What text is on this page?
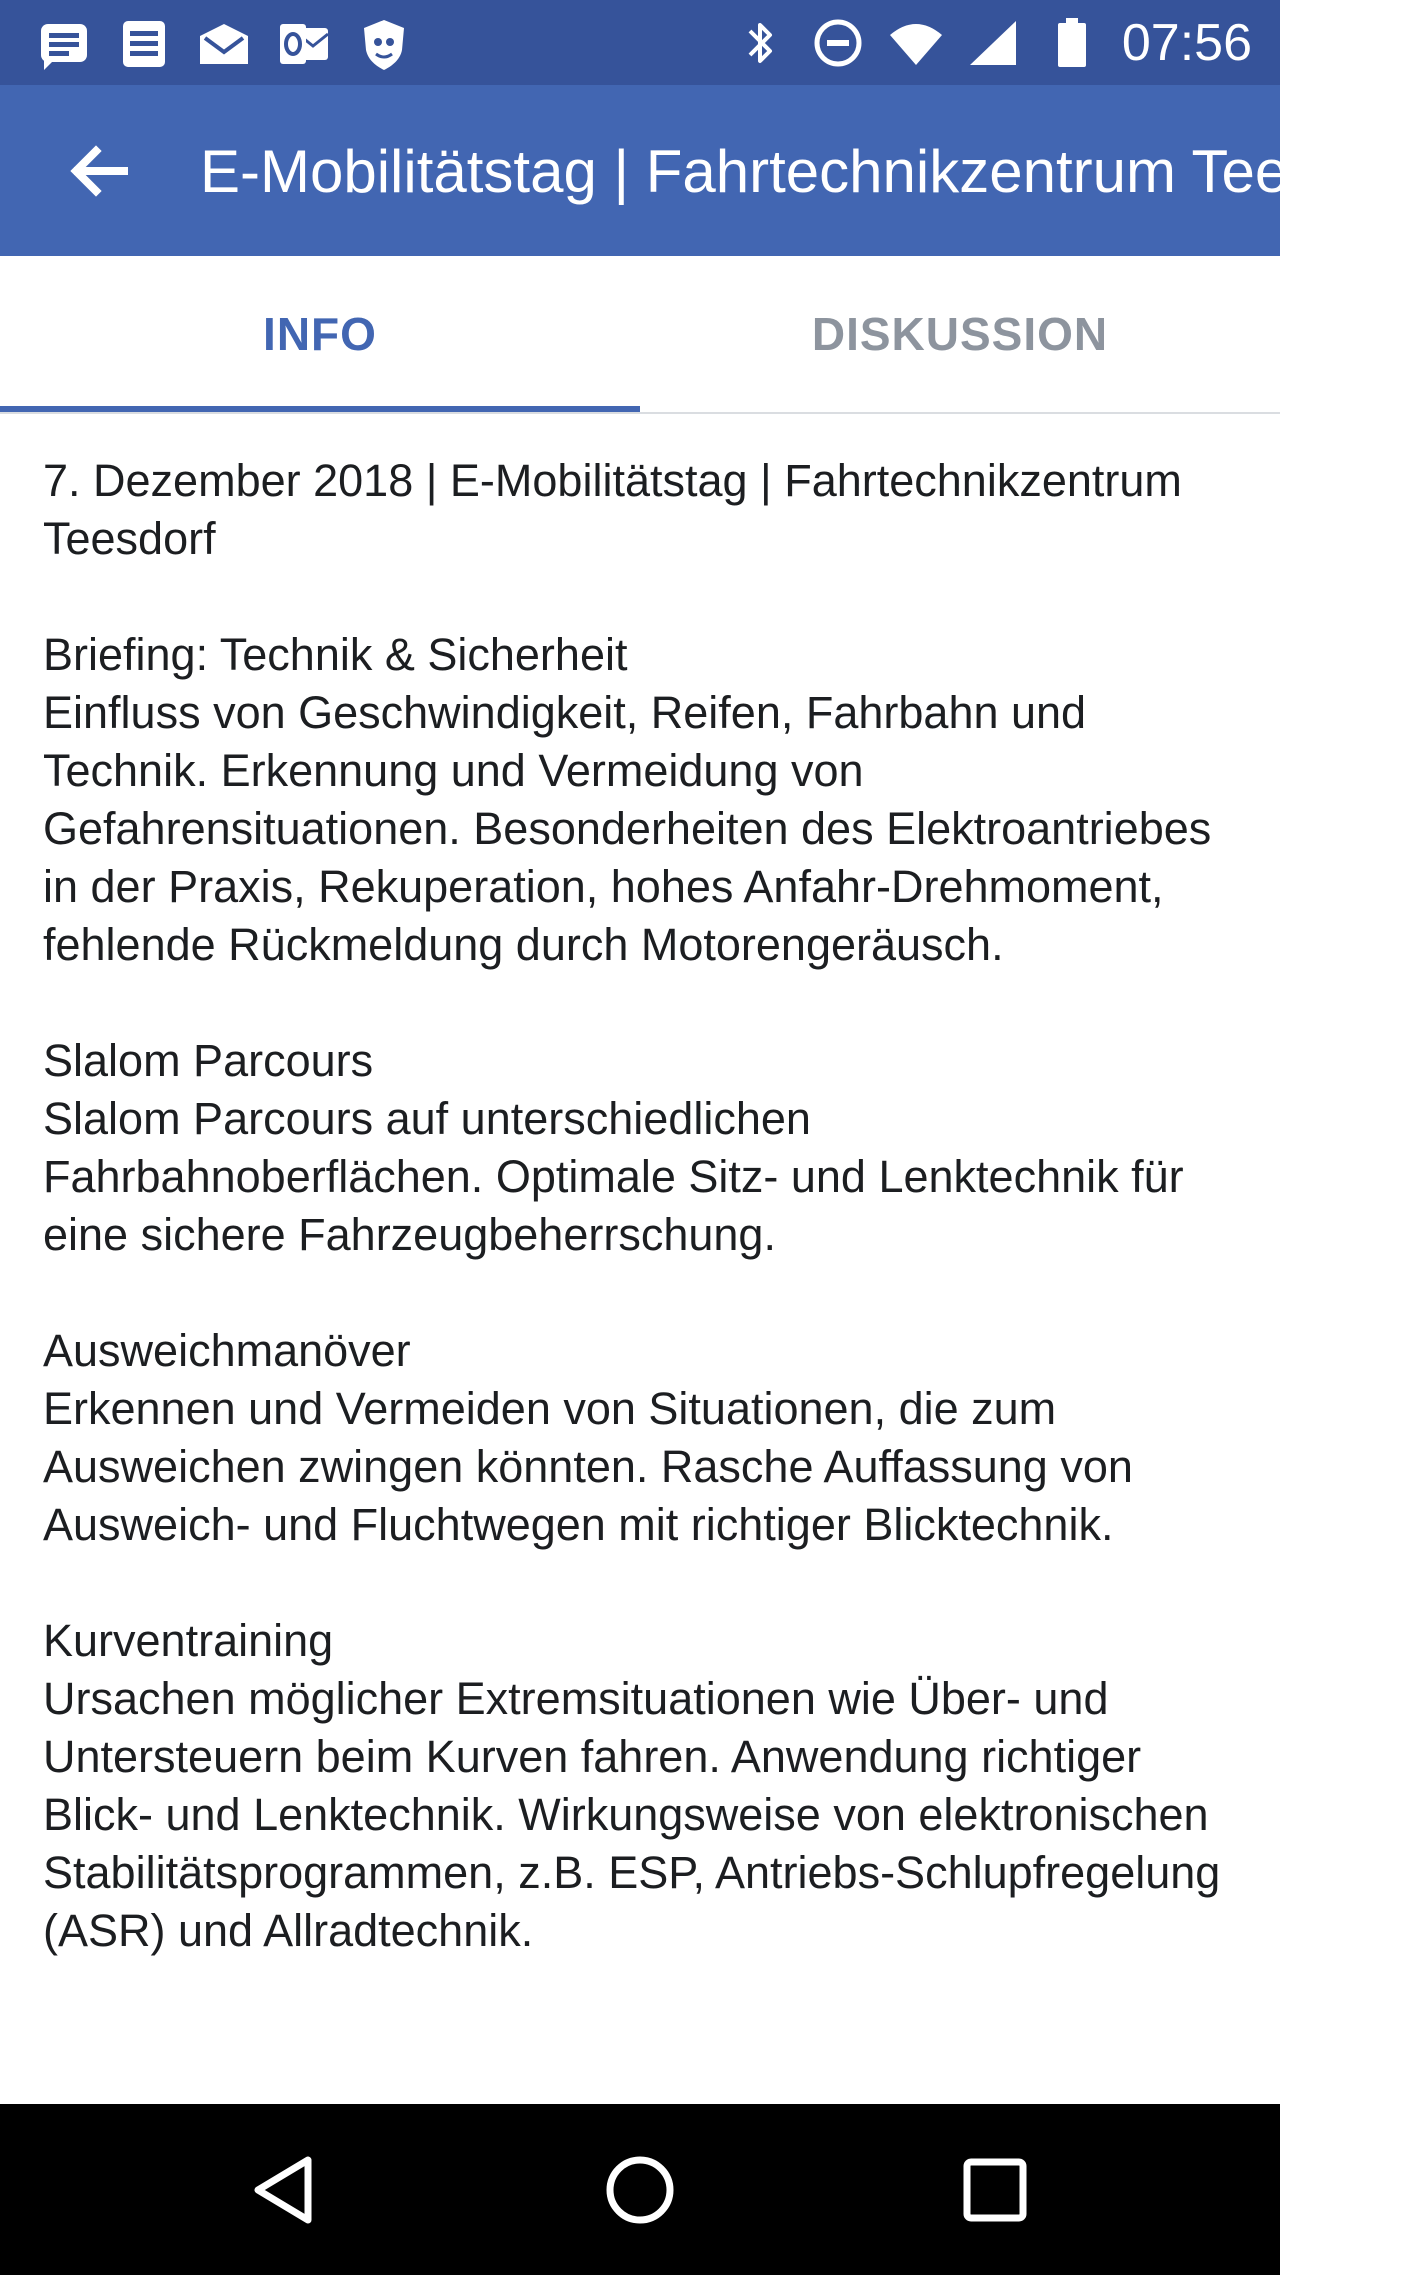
07:56
E-Mobilitätstag | Fahrtechnikzentrum Teesdorf
INFO	DISKUSSION

7. Dezember 2018 | E-Mobilitätstag | Fahrtechnikzentrum Teesdorf

Briefing: Technik & Sicherheit
Einfluss von Geschwindigkeit, Reifen, Fahrbahn und Technik. Erkennung und Vermeidung von Gefahrensituationen. Besonderheiten des Elektroantriebes in der Praxis, Rekuperation, hohes Anfahr-Drehmoment, fehlende Rückmeldung durch Motorengeräusch.

Slalom Parcours
Slalom Parcours auf unterschiedlichen Fahrbahnoberflächen. Optimale Sitz- und Lenktechnik für eine sichere Fahrzeugbeherrschung.

Ausweichmanöver
Erkennen und Vermeiden von Situationen, die zum Ausweichen zwingen könnten. Rasche Auffassung von Ausweich- und Fluchtwegen mit richtiger Blicktechnik.

Kurventraining
Ursachen möglicher Extremsituationen wie Über- und Untersteuern beim Kurven fahren. Anwendung richtiger Blick- und Lenktechnik. Wirkungsweise von elektronischen Stabilitätsprogrammen, z.B. ESP, Antriebs-Schlupfregelung (ASR) und Allradtechnik.
